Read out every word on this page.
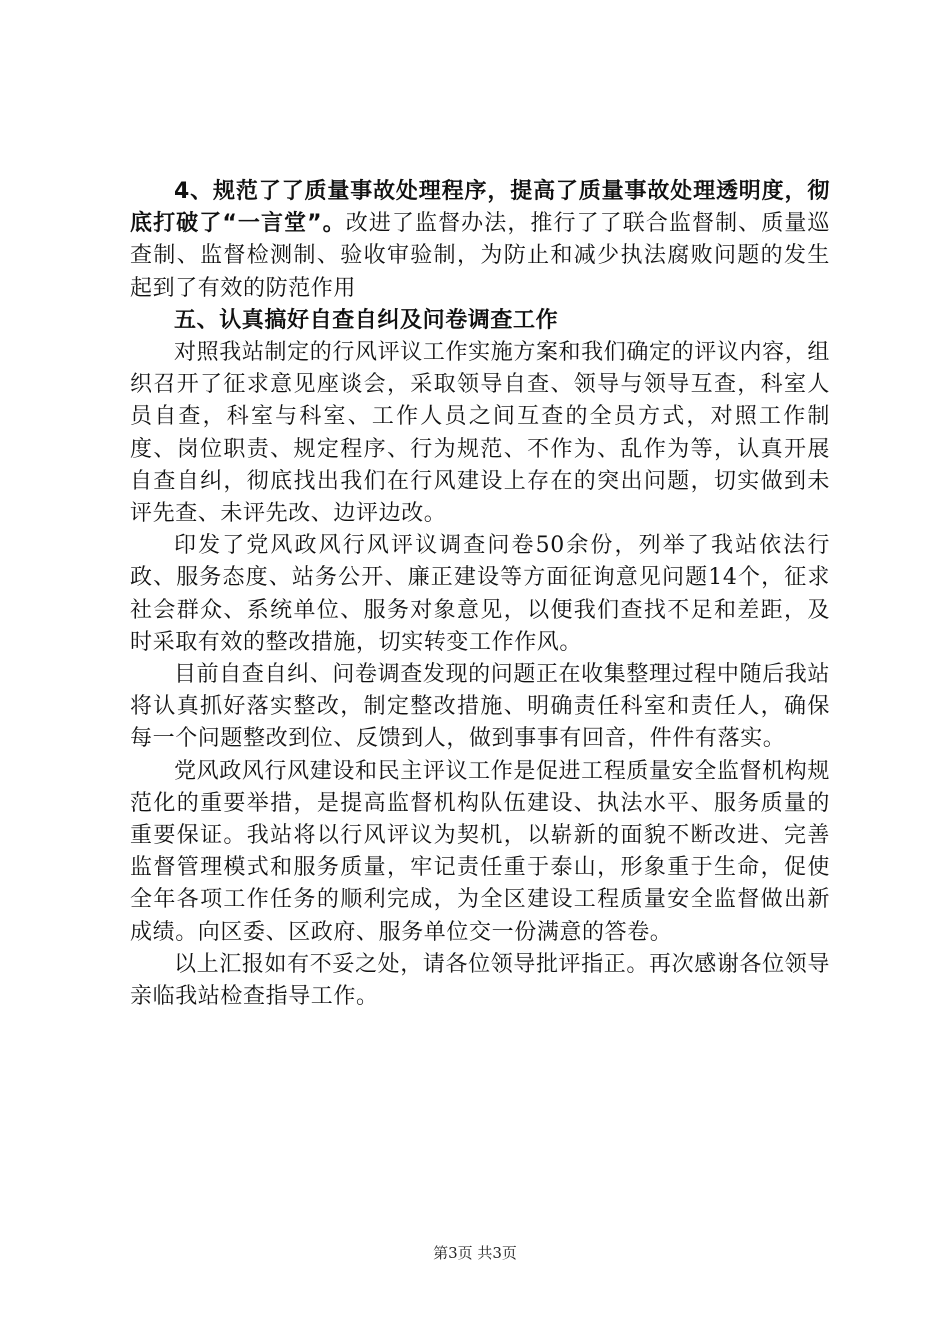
4、规范了了质量事故处理程序，提高了质量事故处理透明度，彻底打破了“一言堂”。改进了监督办法，推行了了联合监督制、质量巡查制、监督检测制、验收审验制，为防止和减少执法腐败问题的发生起到了有效的防范作用

五、认真搞好自查自纠及问卷调查工作

对照我站制定的行风评议工作实施方案和我们确定的评议内容，组织召开了征求意见座谈会，采取领导自查、领导与领导互查，科室人员自查，科室与科室、工作人员之间互查的全员方式，对照工作制度、岗位职责、规定程序、行为规范、不作为、乱作为等，认真开展自查自纠，彻底找出我们在行风建设上存在的突出问题，切实做到未评先查、未评先改、边评边改。

印发了党风政风行风评议调查问卷50余份，列举了我站依法行政、服务态度、站务公开、廉正建设等方面征询意见问题14个，征求社会群众、系统单位、服务对象意见，以便我们查找不足和差距，及时采取有效的整改措施，切实转变工作作风。

目前自查自纠、问卷调查发现的问题正在收集整理过程中随后我站将认真抓好落实整改，制定整改措施、明确责任科室和责任人，确保每一个问题整改到位、反馈到人，做到事事有回音，件件有落实。

党风政风行风建设和民主评议工作是促进工程质量安全监督机构规范化的重要举措，是提高监督机构队伍建设、执法水平、服务质量的重要保证。我站将以行风评议为契机，以崭新的面貌不断改进、完善监督管理模式和服务质量，牢记责任重于泰山，形象重于生命，促使全年各项工作任务的顺利完成，为全区建设工程质量安全监督做出新成绩。向区委、区政府、服务单位交一份满意的答卷。

以上汇报如有不妥之处，请各位领导批评指正。再次感谢各位领导亲临我站检查指导工作。

第3页 共3页
